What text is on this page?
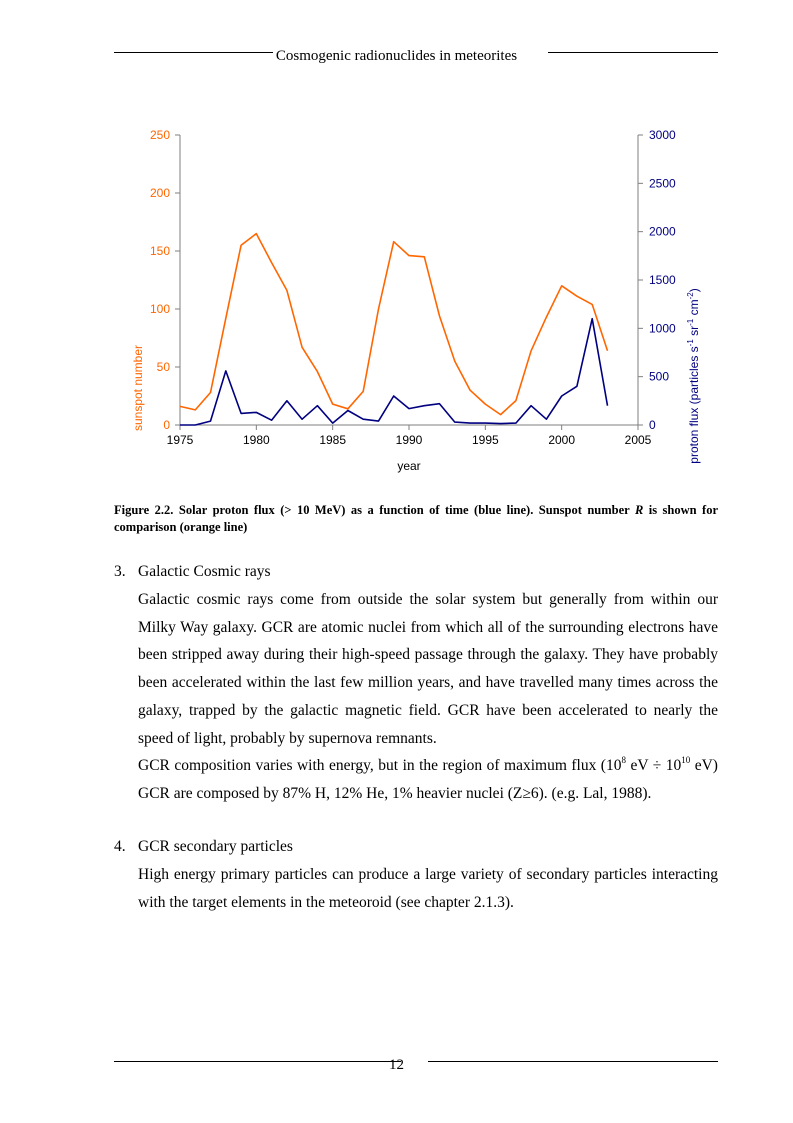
Cosmogenic radionuclides in meteorites
1975	1980	1985	1990	1995	2000	2005
0
50
100
150
200
250
0
500
1000
1500
2000
2500
3000
year
sunspot number	proton flux (particles $s^{-1}$ $sr^{-1}$ $cm^{-2}$)
Figure 2.2. Solar proton flux (> 10 MeV) as a function of time (blue line). Sunspot number R is shown for comparison (orange line)
3. Galactic Cosmic rays

Galactic cosmic rays come from outside the solar system but generally from within our Milky Way galaxy. GCR are atomic nuclei from which all of the surrounding electrons have been stripped away during their high-speed passage through the galaxy. They have probably been accelerated within the last few million years, and have travelled many times across the galaxy, trapped by the galactic magnetic field. GCR have been accelerated to nearly the speed of light, probably by supernova remnants.

GCR composition varies with energy, but in the region of maximum flux ($10^8$ eV ÷ $10^{10}$ eV) GCR are composed by 87% H, 12% He, 1% heavier nuclei (Z≥6). (e.g. Lal, 1988).

4. GCR secondary particles

High energy primary particles can produce a large variety of secondary particles interacting with the target elements in the meteoroid (see chapter 2.1.3).

12
